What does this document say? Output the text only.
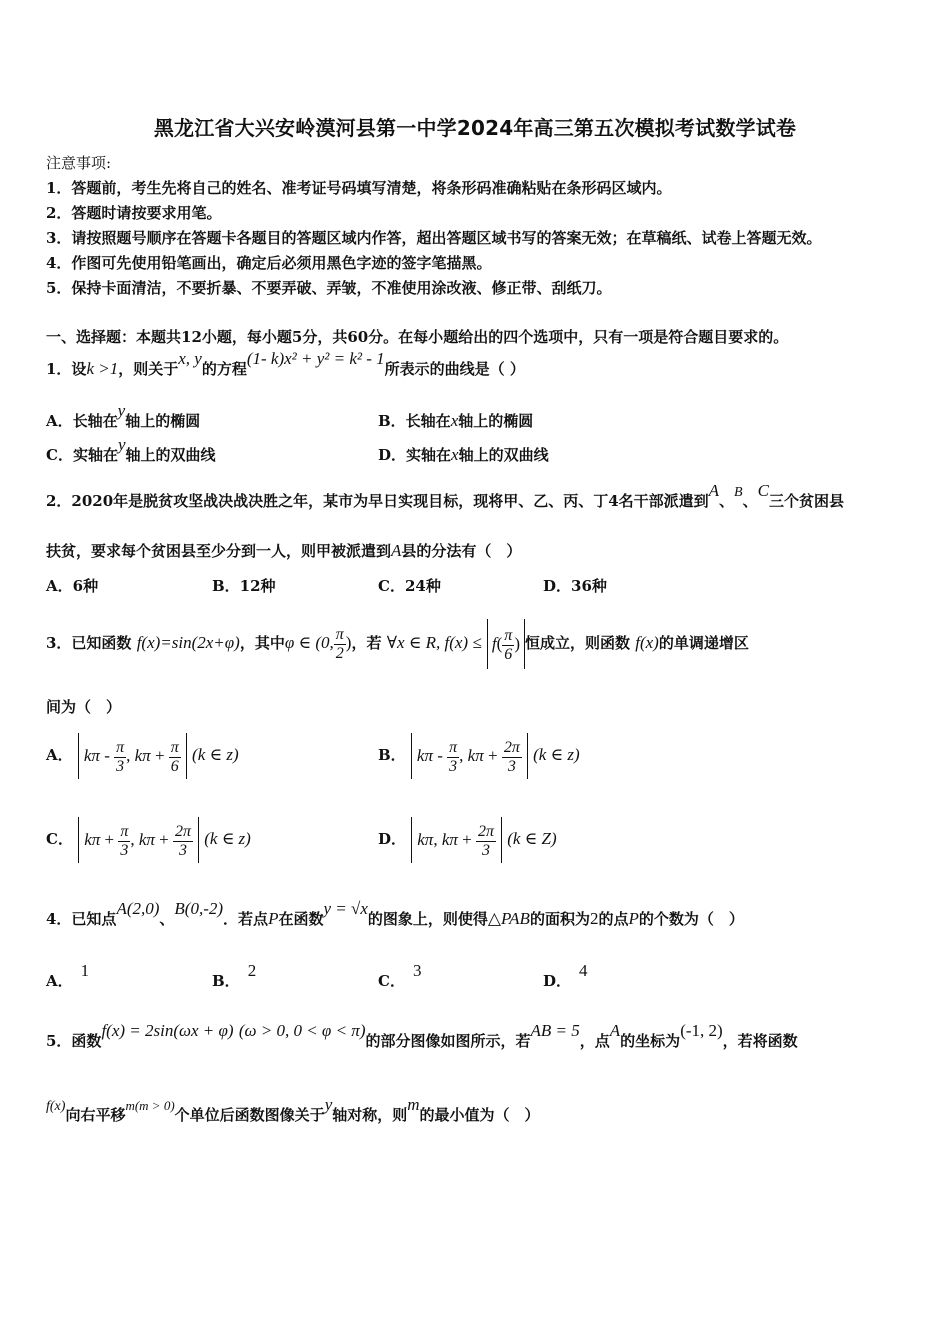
黑龙江省大兴安岭漠河县第一中学2024年高三第五次模拟考试数学试卷
注意事项:
1．答题前，考生先将自己的姓名、准考证号码填写清楚，将条形码准确粘贴在条形码区域内。
2．答题时请按要求用笔。
3．请按照题号顺序在答题卡各题目的答题区域内作答，超出答题区域书写的答案无效；在草稿纸、试卷上答题无效。
4．作图可先使用铅笔画出，确定后必须用黑色字迹的签字笔描黑。
5．保持卡面清洁，不要折暴、不要弄破、弄皱，不准使用涂改液、修正带、刮纸刀。
一、选择题：本题共12小题，每小题5分，共60分。在每小题给出的四个选项中，只有一项是符合题目要求的。
1．设k >1，则关于x, y的方程(1- k)x² + y² = k² - 1所表示的曲线是（ ）
A．长轴在y轴上的椭圆	B．长轴在x轴上的椭圆
C．实轴在y轴上的双曲线	D．实轴在x轴上的双曲线
2．2020年是脱贫攻坚战决战决胜之年，某市为早日实现目标，现将甲、乙、丙、丁4名干部派遣到A、B、C三个贫困县
扶贫，要求每个贫困县至少分到一人，则甲被派遣到A县的分法有（　）
A．6种	B．12种	C．24种	D．36种
3．已知函数 f(x)=sin(2x+φ)，其中φ ∈ (0, $\frac{\pi}{2}$ )，若 ∀x ∈ R, $f(x) \le f( \frac{\pi}{6}$ ) 恒成立，则函数 f(x)的单调递增区
间为（　）
A． kπ - $\frac{\pi}{3}$ , $k\pi + \frac{\pi}{6} (k$ ∈ z)	B． kπ - $\frac{\pi}{3}$ , $k\pi + \frac{2\pi}{3} (k$ ∈ z)
C． $k\pi + \frac{\pi}{3}$ , $k\pi + \frac{2\pi}{3} (k$ ∈ z)	D． kπ, $k\pi + \frac{2\pi}{3} (k$ ∈ Z)
4．已知点A(2,0)、B(0,-2)．若点P在函数y = √x的图象上，则使得△PAB的面积为2的点P的个数为（　）
A．1
B．2
C．3
D．4
5．函数f(x) = 2sin(ωx + φ) (ω > 0, 0 < φ < π)的部分图像如图所示，若AB = 5，点A的坐标为(-1, 2)，若将函数
f(x)向右平移m(m > 0)个单位后函数图像关于y轴对称，则m的最小值为（　）
